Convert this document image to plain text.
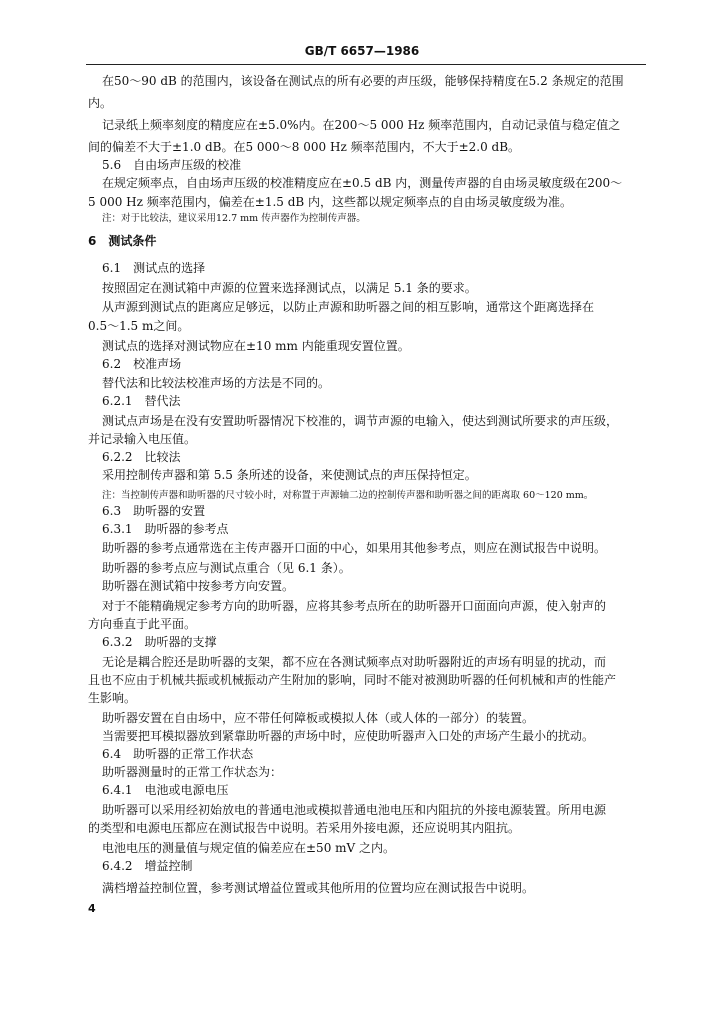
GB/T 6657—1986
在50～90 dB 的范围内，该设备在测试点的所有必要的声压级，能够保持精度在5.2 条规定的范围
内。
记录纸上频率刻度的精度应在±5.0%内。在200～5 000 Hz 频率范围内，自动记录值与稳定值之
间的偏差不大于±1.0 dB。在5 000～8 000 Hz 频率范围内，不大于±2.0 dB。
5.6　自由场声压级的校准
在规定频率点，自由场声压级的校准精度应在±0.5 dB 内，测量传声器的自由场灵敏度级在200～
5 000 Hz 频率范围内，偏差在±1.5 dB 内，这些都以规定频率点的自由场灵敏度级为准。
注：对于比较法，建议采用12.7 mm 传声器作为控制传声器。
6　测试条件
6.1　测试点的选择
按照固定在测试箱中声源的位置来选择测试点，以满足 5.1 条的要求。
从声源到测试点的距离应足够远，以防止声源和助听器之间的相互影响，通常这个距离选择在
0.5～1.5 m之间。
测试点的选择对测试物应在±10 mm 内能重现安置位置。
6.2　校准声场
替代法和比较法校准声场的方法是不同的。
6.2.1　替代法
测试点声场是在没有安置助听器情况下校准的，调节声源的电输入，使达到测试所要求的声压级，
并记录输入电压值。
6.2.2　比较法
采用控制传声器和第 5.5 条所述的设备，来使测试点的声压保持恒定。
注：当控制传声器和助听器的尺寸较小时，对称置于声源轴二边的控制传声器和助听器之间的距离取 60～120 mm。
6.3　助听器的安置
6.3.1　助听器的参考点
助听器的参考点通常选在主传声器开口面的中心，如果用其他参考点，则应在测试报告中说明。
助听器的参考点应与测试点重合（见 6.1 条）。
助听器在测试箱中按参考方向安置。
对于不能精确规定参考方向的助听器，应将其参考点所在的助听器开口面面向声源，使入射声的
方向垂直于此平面。
6.3.2　助听器的支撑
无论是耦合腔还是助听器的支架，都不应在各测试频率点对助听器附近的声场有明显的扰动，而
且也不应由于机械共振或机械振动产生附加的影响，同时不能对被测助听器的任何机械和声的性能产
生影响。
助听器安置在自由场中，应不带任何障板或模拟人体（或人体的一部分）的装置。
当需要把耳模拟器放到紧靠助听器的声场中时，应使助听器声入口处的声场产生最小的扰动。
6.4　助听器的正常工作状态
助听器测量时的正常工作状态为：
6.4.1　电池或电源电压
助听器可以采用经初始放电的普通电池或模拟普通电池电压和内阻抗的外接电源装置。所用电源
的类型和电源电压都应在测试报告中说明。若采用外接电源，还应说明其内阻抗。
电池电压的测量值与规定值的偏差应在±50 mV 之内。
6.4.2　增益控制
满档增益控制位置，参考测试增益位置或其他所用的位置均应在测试报告中说明。
4
